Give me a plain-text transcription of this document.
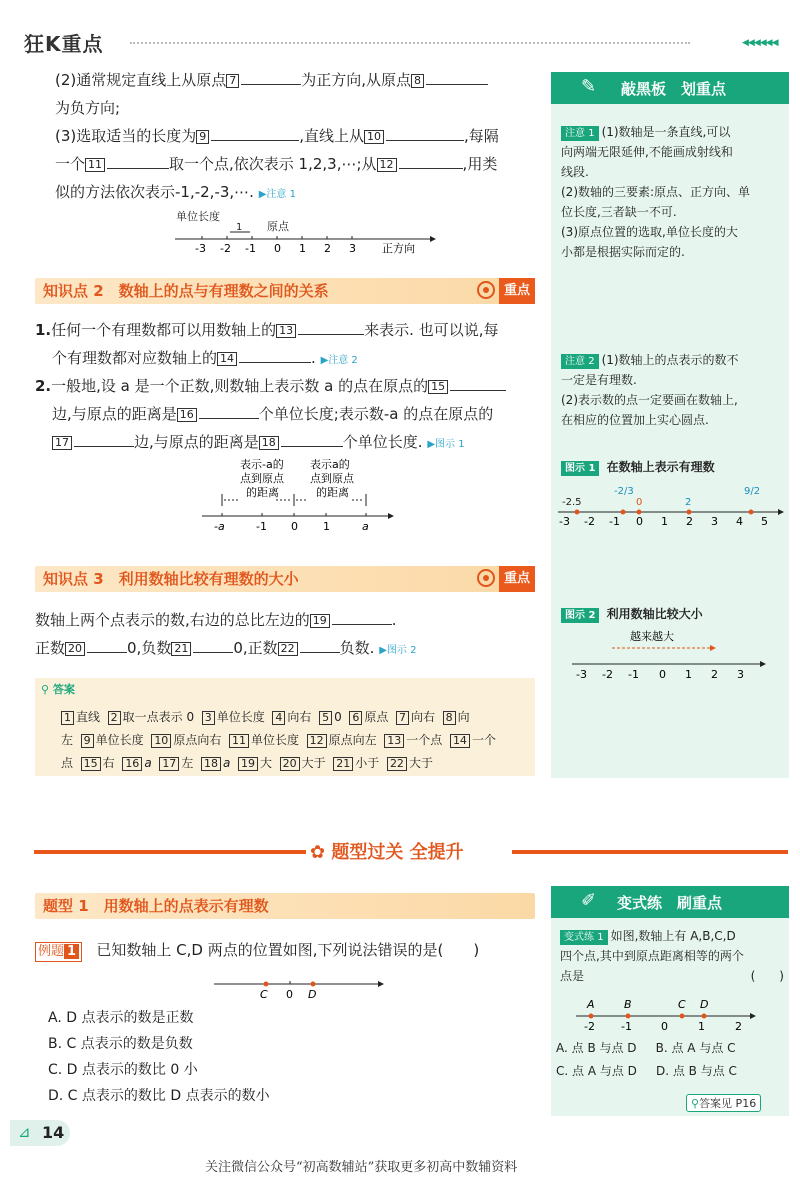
狂K重点	◀◀◀◀◀◀
(2)通常规定直线上从原点 7	为正方向,从原点 8
为负方向;
(3)选取适当的长度为 9	,直线上从 10	,每隔
一个 11	取一个点,依次表示 1,2,3,⋯;从 12	,用类
似的方法依次表示-1,-2,-3,⋯. ▶注意 1
单位长度
原点
1
-3 -2 -1 0 1 2 3 正方向
知识点 2　数轴上的点与有理数之间的关系	重点
1.任何一个有理数都可以用数轴上的 13	来表示. 也可以说,每
个有理数都对应数轴上的 14	. ▶注意 2
2.一般地,设 a 是一个正数,则数轴上表示数 a 的点在原点的 15
边,与原点的距离是 16	个单位长度;表示数-a 的点在原点的
17	边,与原点的距离是 18	个单位长度. ▶图示 1
表示-a的
点到原点
的距离
表示a的
点到原点
的距离
-a	-1 0 1	a
知识点 3　利用数轴比较有理数的大小	重点
数轴上两个点表示的数,右边的总比左边的 19	.
正数 20	0,负数 21	0,正数 22	负数. ▶图示 2
⚲ 答案
1 直线 2 取一点表示 0 3 单位长度 4 向右 5 0 6 原点 7 向右 8 向
左 9 单位长度 10 原点向右 11 单位长度 12 原点向左 13 一个点 14 一个
点 15 右 16 a 17 左 18 a 19 大 20 大于 21 小于 22 大于
✎ 敲黑板　划重点
注意 1 (1)数轴是一条直线,可以
向两端无限延伸,不能画成射线和
线段.
(2)数轴的三要素:原点、正方向、单
位长度,三者缺一不可.
(3)原点位置的选取,单位长度的大
小都是根据实际而定的.
注意 2 (1)数轴上的点表示的数不
一定是有理数.
(2)表示数的点一定要画在数轴上,
在相应的位置加上实心圆点.
图示 1 在数轴上表示有理数
-2.5
-2/3
0	2
9/2
-3 -2 -1 0 1 2 3 4 5
图示 2 利用数轴比较大小
越来越大
-3 -2 -1 0 1 2 3
✿ 题型过关 全提升
题型 1　用数轴上的点表示有理数
例题 1 已知数轴上 C,D 两点的位置如图,下列说法错误的是(　　)
C 0 D
A. D 点表示的数是正数
B. C 点表示的数是负数
C. D 点表示的数比 0 小
D. C 点表示的数比 D 点表示的数小
✐ 变式练　刷重点
变式练 1 如图,数轴上有 A,B,C,D
四个点,其中到原点距离相等的两个
点是	(　　)
A	B	C D
-2 -1	0	1	2
A. 点 B 与点 D B. 点 A 与点 C
C. 点 A 与点 D D. 点 B 与点 C
⚲答案见 P16
⊿ 14
关注微信公众号“初高数辅站”获取更多初高中数辅资料
